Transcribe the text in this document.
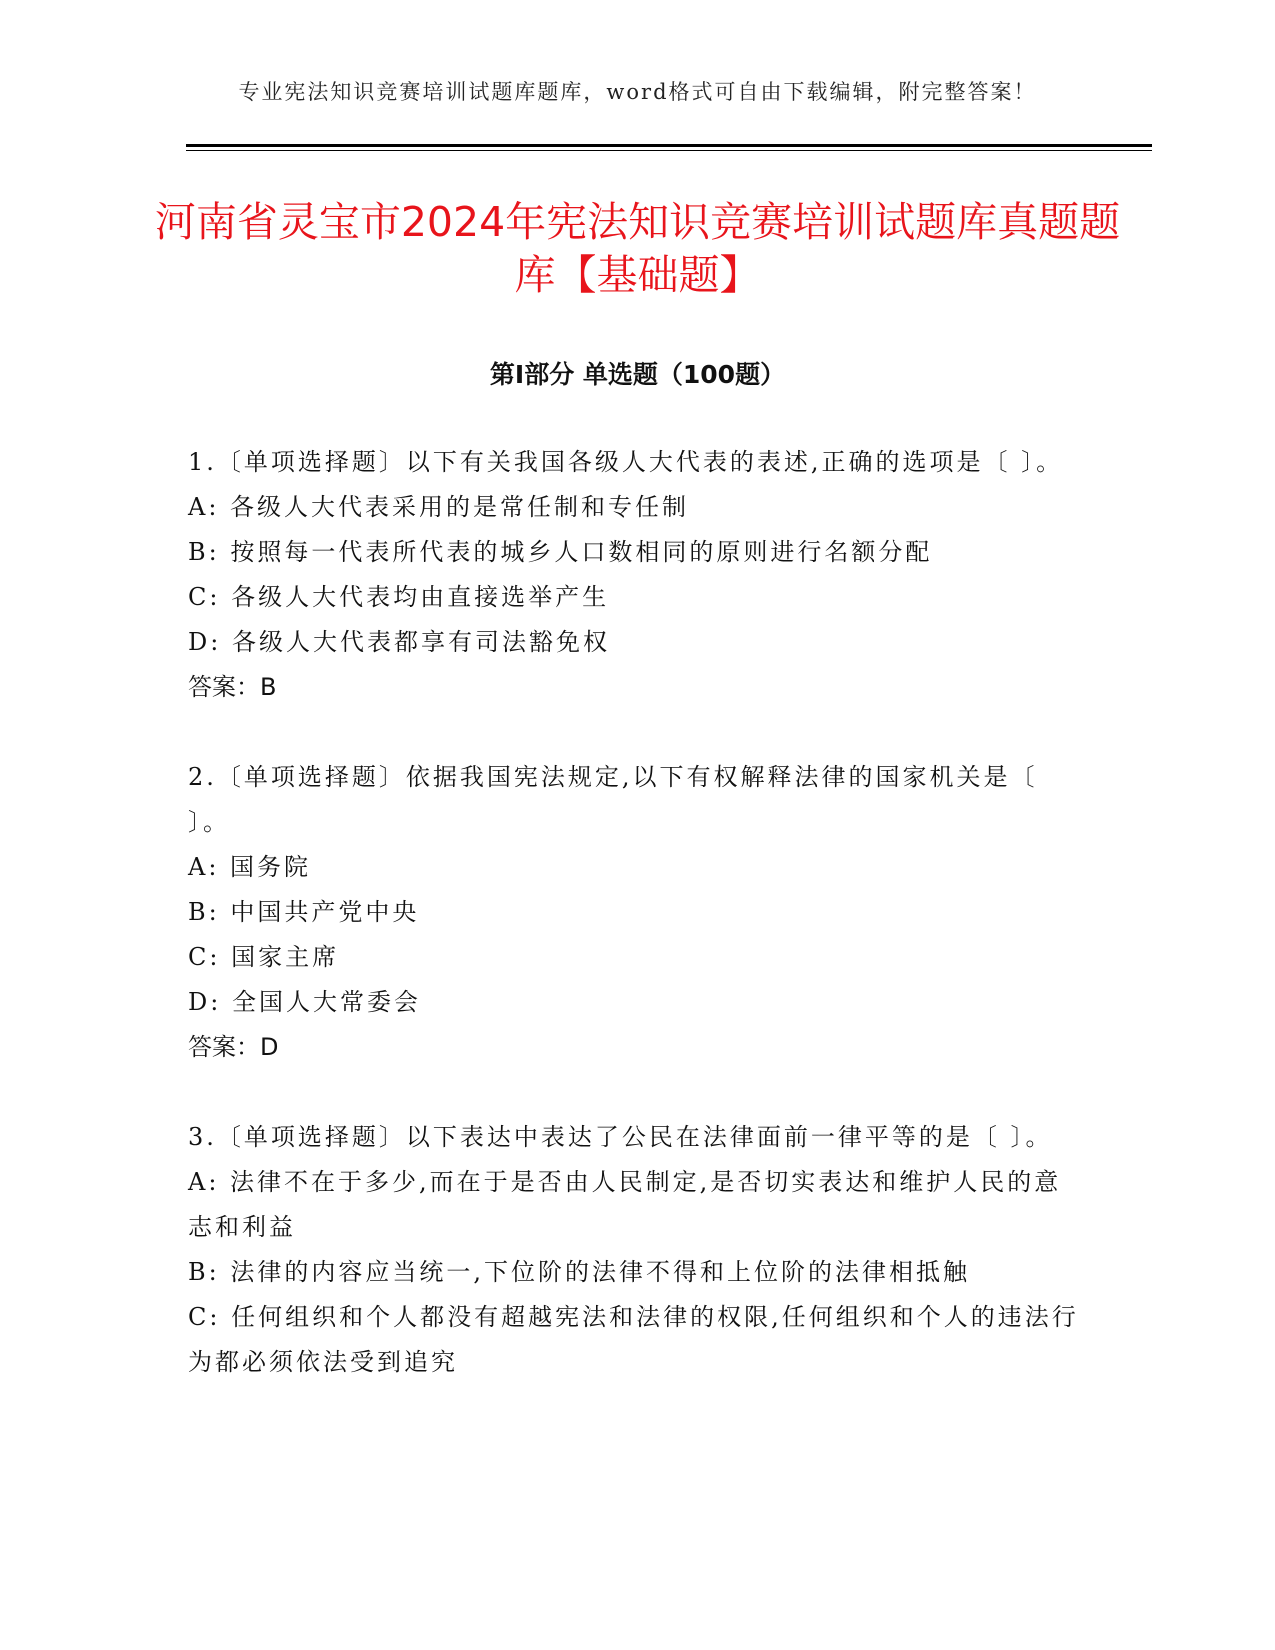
专业宪法知识竞赛培训试题库题库，word格式可自由下载编辑，附完整答案！
河南省灵宝市2024年宪法知识竞赛培训试题库真题题库【基础题】
第Ⅰ部分 单选题（100题）

1.〔单项选择题〕以下有关我国各级人大代表的表述,正确的选项是〔 〕。

A: 各级人大代表采用的是常任制和专任制

B: 按照每一代表所代表的城乡人口数相同的原则进行名额分配

C: 各级人大代表均由直接选举产生

D: 各级人大代表都享有司法豁免权

答案：B

2.〔单项选择题〕依据我国宪法规定,以下有权解释法律的国家机关是〔 〕。

A: 国务院

B: 中国共产党中央

C: 国家主席

D: 全国人大常委会

答案：D

3.〔单项选择题〕以下表达中表达了公民在法律面前一律平等的是〔 〕。

A: 法律不在于多少,而在于是否由人民制定,是否切实表达和维护人民的意志和利益

B: 法律的内容应当统一,下位阶的法律不得和上位阶的法律相抵触

C: 任何组织和个人都没有超越宪法和法律的权限,任何组织和个人的违法行为都必须依法受到追究
